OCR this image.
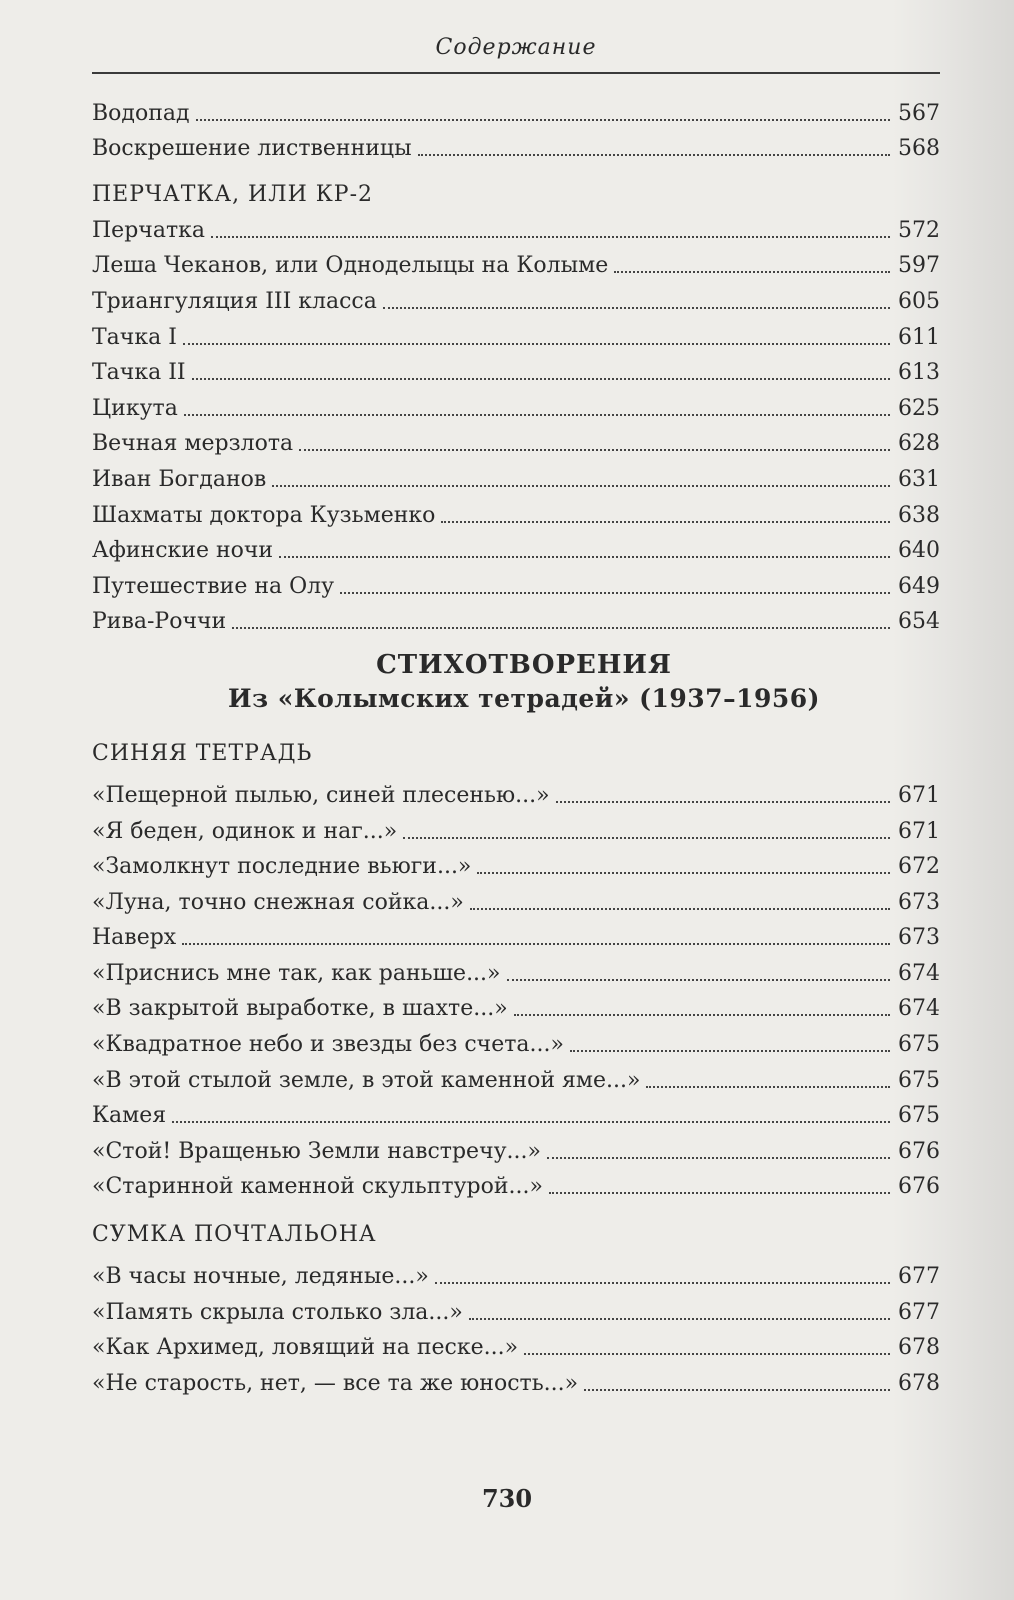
Содержание
Водопад	567
Воскрешение лиственницы	568
ПЕРЧАТКА, ИЛИ КР-2
Перчатка	572
Леша Чеканов, или Одноделыцы на Колыме	597
Триангуляция III класса	605
Тачка I	611
Тачка II	613
Цикута	625
Вечная мерзлота	628
Иван Богданов	631
Шахматы доктора Кузьменко	638
Афинские ночи	640
Путешествие на Олу	649
Рива-Роччи	654
СТИХОТВОРЕНИЯ
Из «Колымских тетрадей» (1937–1956)
СИНЯЯ ТЕТРАДЬ
«Пещерной пылью, синей плесенью...»	671
«Я беден, одинок и наг...»	671
«Замолкнут последние вьюги...»	672
«Луна, точно снежная сойка...»	673
Наверх	673
«Приснись мне так, как раньше...»	674
«В закрытой выработке, в шахте...»	674
«Квадратное небо и звезды без счета...»	675
«В этой стылой земле, в этой каменной яме...»	675
Камея	675
«Стой! Вращенью Земли навстречу...»	676
«Старинной каменной скульптурой...»	676
СУМКА ПОЧТАЛЬОНА
«В часы ночные, ледяные...»	677
«Память скрыла столько зла...»	677
«Как Архимед, ловящий на песке...»	678
«Не старость, нет, — все та же юность...»	678
730
